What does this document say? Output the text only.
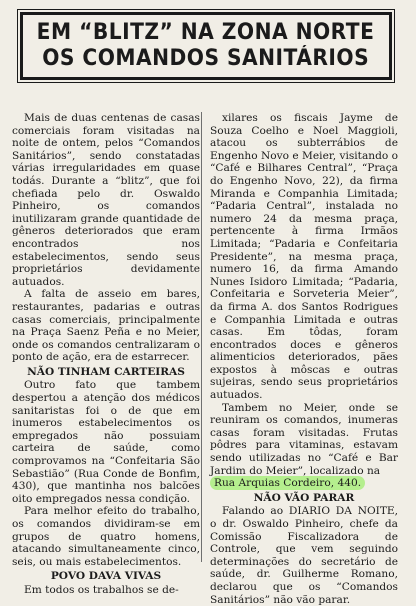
EM “BLITZ” NA ZONA NORTE
OS COMANDOS SANITÁRIOS

Mais de duas centenas de casas comerciais foram visitadas na noite de ontem, pelos “Comandos Sanitários”, sendo constatadas várias irregularidades em quase todás. Durante a “blitz”, que foi chefiada pelo dr. Oswaldo Pinheiro, os comandos inutilizaram grande quantidade de gêneros deteriorados que eram encontrados nos estabelecimentos, sendo seus proprietários devidamente autuados.

A falta de asseio em bares, restaurantes, padarias e outras casas comerciais, principalmente na Praça Saenz Peña e no Meier, onde os comandos centralizaram o ponto de ação, era de estarrecer.

NÃO TINHAM CARTEIRAS

Outro fato que tambem despertou a atenção dos médicos sanitaristas foi o de que em inumeros estabelecimentos os empregados não possuiam carteira de saúde, como comprovamos na “Confeitaria São Sebastião” (Rua Conde de Bonfim, 430), que mantinha nos balcões oito empregados nessa condição.

Para melhor efeito do trabalho, os comandos dividiram-se em grupos de quatro homens, atacando simultaneamente cinco, seis, ou mais estabelecimentos.

POVO DAVA VIVAS

Em todos os trabalhos se de-

xilares os fiscais Jayme de Souza Coelho e Noel Maggioli, atacou os subterrábios de Engenho Novo e Meier, visitando o “Café e Bilhares Central”, “Praça do Engenho Novo, 22), da firma Miranda e Companhia Limitada; “Padaria Central”, instalada no numero 24 da mesma praça, pertencente à firma Irmãos Limitada; “Padaria e Confeitaria Presidente”, na mesma praça, numero 16, da firma Amando Nunes Isidoro Limitada; “Padaria, Confeitaria e Sorveteria Meier”, da firma A. dos Santos Rodrigues e Companhia Limitada e outras casas. Em tôdas, foram encontrados doces e gêneros alimenticios deteriorados, pães expostos à môscas e outras sujeiras, sendo seus proprietários autuados.

Tambem no Meier, onde se reuniram os comandos, inumeras casas foram visitadas. Frutas pôdres para vitaminas, estavam sendo utilizadas no “Café e Bar Jardim do Meier”, localizado na

Rua Arquias Cordeiro, 440.

NÃO VÃO PARAR

Falando ao DIARIO DA NOITE, o dr. Oswaldo Pinheiro, chefe da Comissão Fiscalizadora de Controle, que vem seguindo determinações do secretário de saúde, dr. Guilherme Romano, declarou que os “Comandos Sanitários” não vão parar.
